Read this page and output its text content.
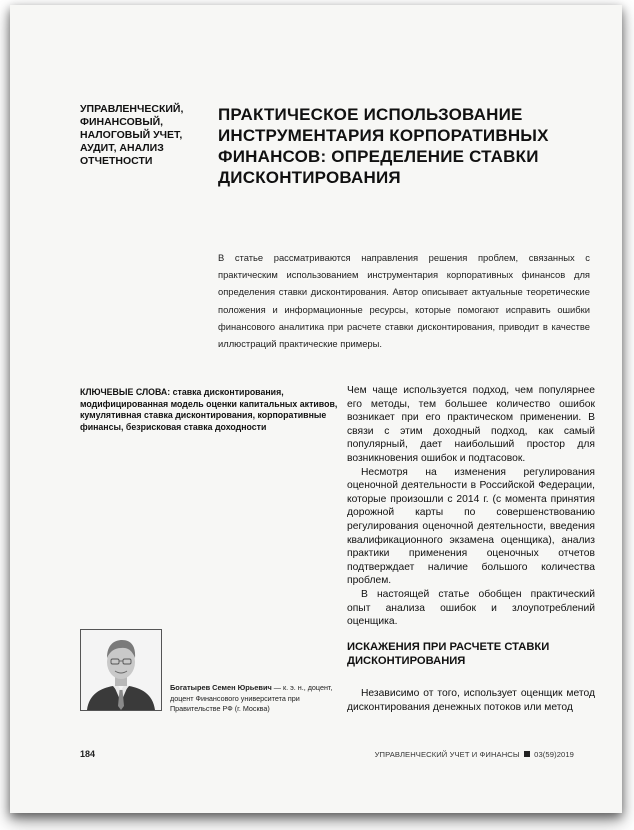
УПРАВЛЕНЧЕСКИЙ, ФИНАНСОВЫЙ, НАЛОГОВЫЙ УЧЕТ, АУДИТ, АНАЛИЗ ОТЧЕТНОСТИ
ПРАКТИЧЕСКОЕ ИСПОЛЬЗОВАНИЕ ИНСТРУМЕНТАРИЯ КОРПОРАТИВНЫХ ФИНАНСОВ: ОПРЕДЕЛЕНИЕ СТАВКИ ДИСКОНТИРОВАНИЯ
В статье рассматриваются направления решения проблем, связанных с практическим использованием инструментария корпоративных финансов для определения ставки дисконтирования. Автор описывает актуальные теоретические положения и информационные ресурсы, которые помогают исправить ошибки финансового аналитика при расчете ставки дисконтирования, приводит в качестве иллюстраций практические примеры.
КЛЮЧЕВЫЕ СЛОВА: ставка дисконтирования, модифицированная модель оценки капитальных активов, кумулятивная ставка дисконтирования, корпоративные финансы, безрисковая ставка доходности

Чем чаще используется подход, чем популярнее его методы, тем большее количество ошибок возникает при его практическом применении. В связи с этим доходный подход, как самый популярный, дает наибольший простор для возникновения ошибок и подтасовок.

Несмотря на изменения регулирования оценочной деятельности в Российской Федерации, которые произошли с 2014 г. (с момента принятия дорожной карты по совершенствованию регулирования оценочной деятельности, введения квалификационного экзамена оценщика), анализ практики применения оценочных отчетов подтверждает наличие большого количества проблем.

В настоящей статье обобщен практический опыт анализа ошибок и злоупотреблений оценщика.

ИСКАЖЕНИЯ ПРИ РАСЧЕТЕ СТАВКИ ДИСКОНТИРОВАНИЯ
Независимо от того, использует оценщик метод дисконтирования денежных потоков или метод
Богатырев Семен Юрьевич — к. э. н., доцент, доцент Финансового университета при Правительстве РФ (г. Москва)
184	УПРАВЛЕНЧЕСКИЙ УЧЕТ И ФИНАНСЫ 03(59)2019
